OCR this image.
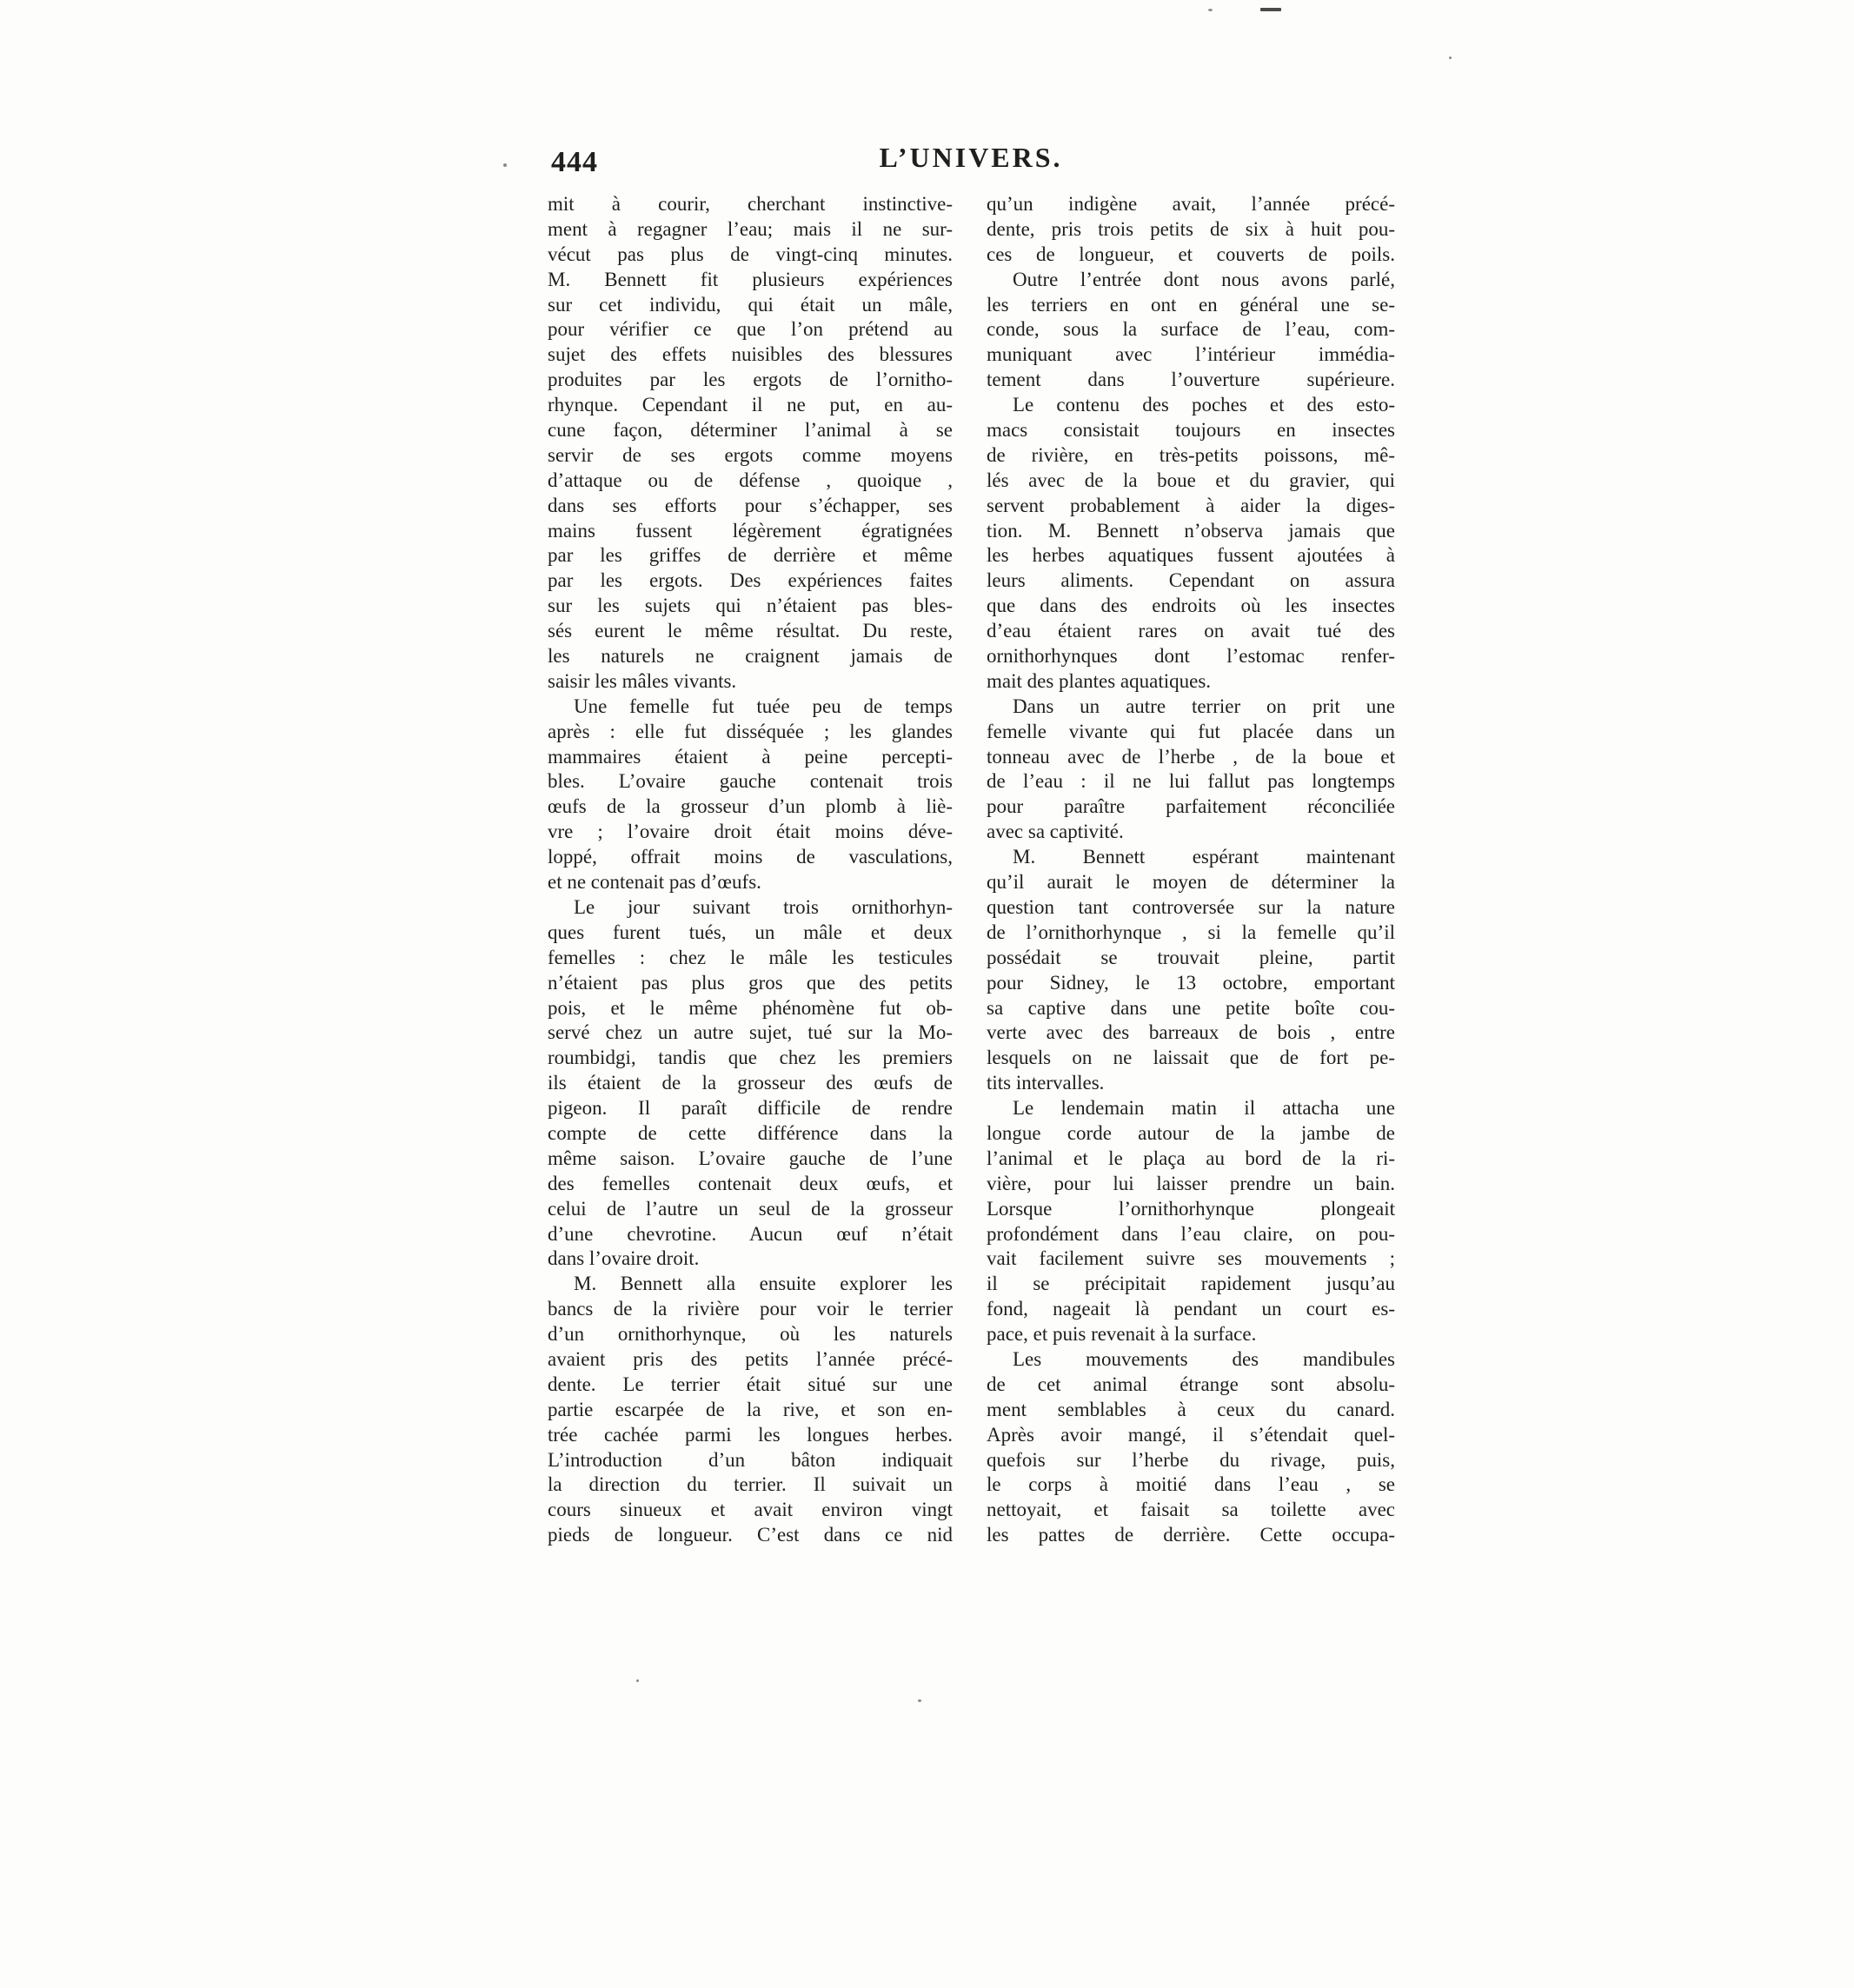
444	L’UNIVERS.
mit à courir, cherchant instinctive-
ment à regagner l’eau; mais il ne sur-
vécut pas plus de vingt-cinq minutes.
M. Bennett fit plusieurs expériences
sur cet individu, qui était un mâle,
pour vérifier ce que l’on prétend au
sujet des effets nuisibles des blessures
produites par les ergots de l’ornitho-
rhynque. Cependant il ne put, en au-
cune façon, déterminer l’animal à se
servir de ses ergots comme moyens
d’attaque ou de défense , quoique ,
dans ses efforts pour s’échapper, ses
mains fussent légèrement égratignées
par les griffes de derrière et même
par les ergots. Des expériences faites
sur les sujets qui n’étaient pas bles-
sés eurent le même résultat. Du reste,
les naturels ne craignent jamais de
saisir les mâles vivants.
Une femelle fut tuée peu de temps
après : elle fut disséquée ; les glandes
mammaires étaient à peine percepti-
bles. L’ovaire gauche contenait trois
œufs de la grosseur d’un plomb à liè-
vre ; l’ovaire droit était moins déve-
loppé, offrait moins de vasculations,
et ne contenait pas d’œufs.
Le jour suivant trois ornithorhyn-
ques furent tués, un mâle et deux
femelles : chez le mâle les testicules
n’étaient pas plus gros que des petits
pois, et le même phénomène fut ob-
servé chez un autre sujet, tué sur la Mo-
roumbidgi, tandis que chez les premiers
ils étaient de la grosseur des œufs de
pigeon. Il paraît difficile de rendre
compte de cette différence dans la
même saison. L’ovaire gauche de l’une
des femelles contenait deux œufs, et
celui de l’autre un seul de la grosseur
d’une chevrotine. Aucun œuf n’était
dans l’ovaire droit.
M. Bennett alla ensuite explorer les
bancs de la rivière pour voir le terrier
d’un ornithorhynque, où les naturels
avaient pris des petits l’année précé-
dente. Le terrier était situé sur une
partie escarpée de la rive, et son en-
trée cachée parmi les longues herbes.
L’introduction d’un bâton indiquait
la direction du terrier. Il suivait un
cours sinueux et avait environ vingt
pieds de longueur. C’est dans ce nid
qu’un indigène avait, l’année précé-
dente, pris trois petits de six à huit pou-
ces de longueur, et couverts de poils.
Outre l’entrée dont nous avons parlé,
les terriers en ont en général une se-
conde, sous la surface de l’eau, com-
muniquant avec l’intérieur immédia-
tement dans l’ouverture supérieure.
Le contenu des poches et des esto-
macs consistait toujours en insectes
de rivière, en très-petits poissons, mê-
lés avec de la boue et du gravier, qui
servent probablement à aider la diges-
tion. M. Bennett n’observa jamais que
les herbes aquatiques fussent ajoutées à
leurs aliments. Cependant on assura
que dans des endroits où les insectes
d’eau étaient rares on avait tué des
ornithorhynques dont l’estomac renfer-
mait des plantes aquatiques.
Dans un autre terrier on prit une
femelle vivante qui fut placée dans un
tonneau avec de l’herbe , de la boue et
de l’eau : il ne lui fallut pas longtemps
pour paraître parfaitement réconciliée
avec sa captivité.
M. Bennett espérant maintenant
qu’il aurait le moyen de déterminer la
question tant controversée sur la nature
de l’ornithorhynque , si la femelle qu’il
possédait se trouvait pleine, partit
pour Sidney, le 13 octobre, emportant
sa captive dans une petite boîte cou-
verte avec des barreaux de bois , entre
lesquels on ne laissait que de fort pe-
tits intervalles.
Le lendemain matin il attacha une
longue corde autour de la jambe de
l’animal et le plaça au bord de la ri-
vière, pour lui laisser prendre un bain.
Lorsque l’ornithorhynque plongeait
profondément dans l’eau claire, on pou-
vait facilement suivre ses mouvements ;
il se précipitait rapidement jusqu’au
fond, nageait là pendant un court es-
pace, et puis revenait à la surface.
Les mouvements des mandibules
de cet animal étrange sont absolu-
ment semblables à ceux du canard.
Après avoir mangé, il s’étendait quel-
quefois sur l’herbe du rivage, puis,
le corps à moitié dans l’eau , se
nettoyait, et faisait sa toilette avec
les pattes de derrière. Cette occupa-
